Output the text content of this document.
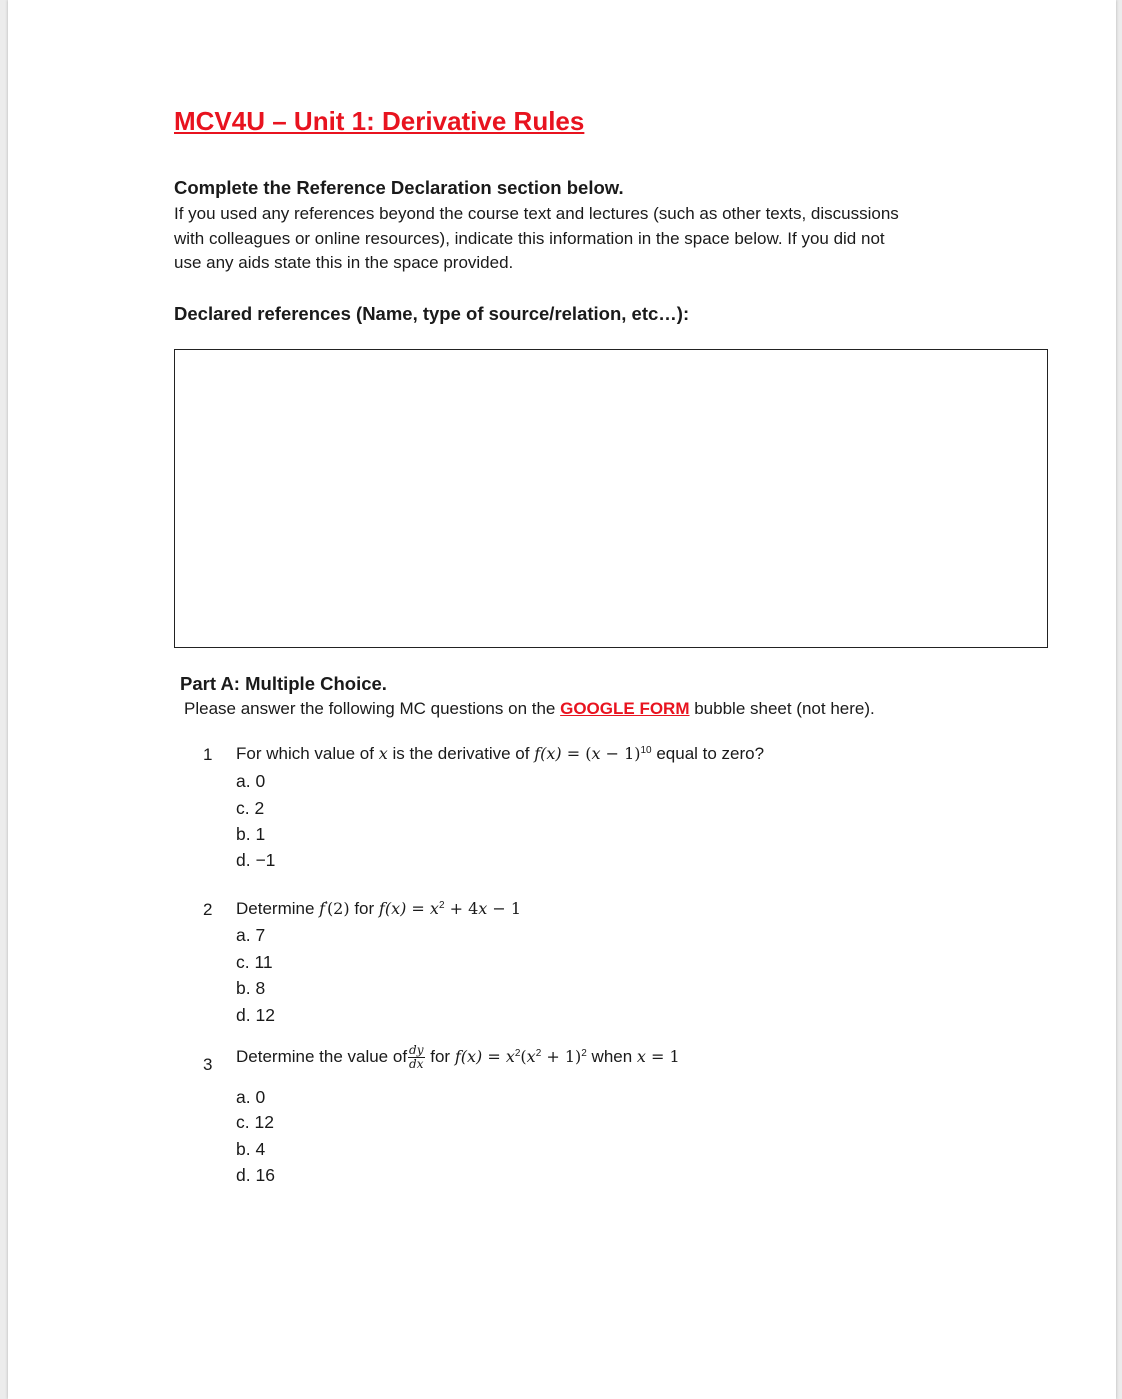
MCV4U – Unit 1: Derivative Rules
Complete the Reference Declaration section below.
If you used any references beyond the course text and lectures (such as other texts, discussions
with colleagues or online resources), indicate this information in the space below. If you did not
use any aids state this in the space provided.
Declared references (Name, type of source/relation, etc…):
Part A: Multiple Choice.
Please answer the following MC questions on the GOOGLE FORM bubble sheet (not here).
1 For which value of x is the derivative of $f(x) = (x - 1)^{10}$ equal to zero?
a. 0
c. 2
b. 1
d. −1
2 Determine f′(2) for $f(x) = x^2 + 4x - 1$
a. 7
c. 11
b. 8
d. 12
3 Determine the value of $\frac{dy}{dx}$ for $f(x) = x^2(x^2 + 1)^2$ when x = 1
a. 0
c. 12
b. 4
d. 16
